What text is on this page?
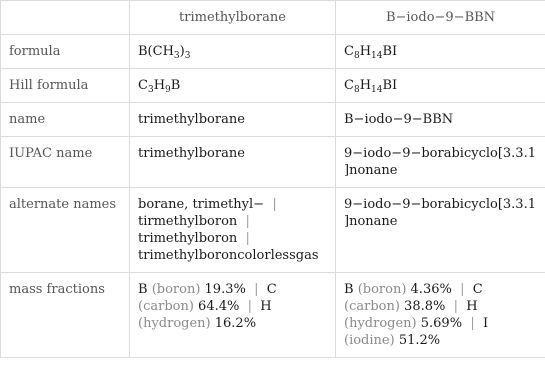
	trimethylborane	B−iodo−9−BBN
formula	$B(CH_3)_3$	$C_8H_{14}BI$
Hill formula	$C_3H_9B$	$C_8H_{14}BI$
name	trimethylborane	B−iodo−9−BBN
IUPAC name	trimethylborane	9−iodo−9−borabicyclo[3.3.1]nonane
alternate names	borane, trimethyl− |  tirmethylboron |  trimethylboron |  trimethylboroncolorlessgas	9−iodo−9−borabicyclo[3.3.1]nonane
mass fractions	B (boron) 19.3% | C (carbon) 64.4% | H (hydrogen) 16.2%	B (boron) 4.36% | C (carbon) 38.8% | H (hydrogen) 5.69% | I (iodine) 51.2%
